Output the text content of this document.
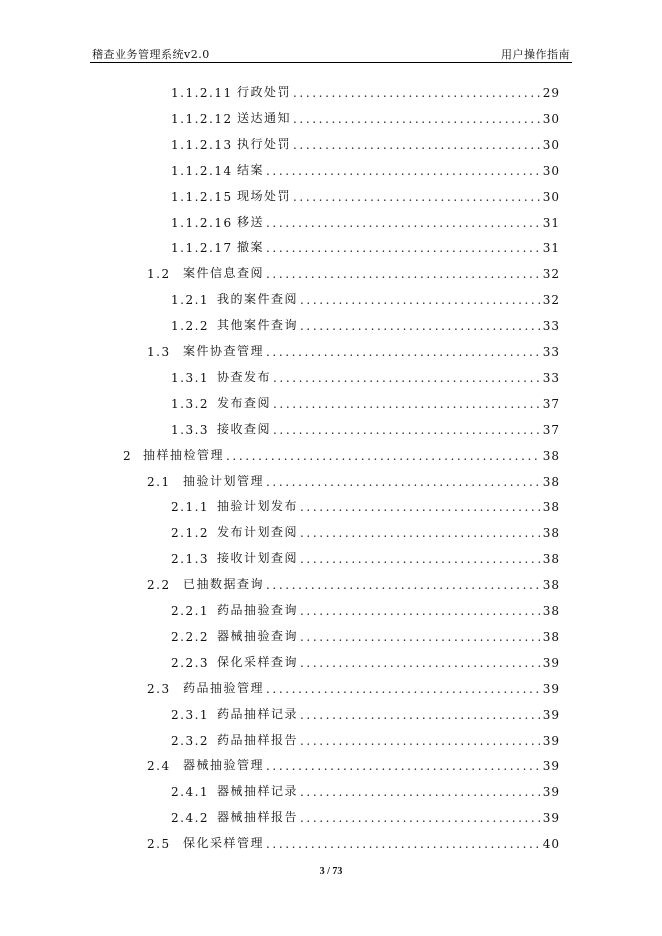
稽查业务管理系统v2.0	用户操作指南
1.1.2.11 行政处罚 .....	29
1.1.2.12 送达通知 .....	30
1.1.2.13 执行处罚 .....	30
1.1.2.14 结案 .....	30
1.1.2.15 现场处罚 .....	30
1.1.2.16 移送 .....	31
1.1.2.17 撤案 .....	31
1.2	案件信息查阅 .....	32
1.2.1 我的案件查阅 .....	32
1.2.2 其他案件查询 .....	33
1.3	案件协查管理 .....	33
1.3.1 协查发布 .....	33
1.3.2 发布查阅 .....	37
1.3.3 接收查阅 .....	37
2 抽样抽检管理 .....	38
2.1	抽验计划管理 .....	38
2.1.1 抽验计划发布 .....	38
2.1.2 发布计划查阅 .....	38
2.1.3 接收计划查阅 .....	38
2.2	已抽数据查询 .....	38
2.2.1 药品抽验查询 .....	38
2.2.2 器械抽验查询 .....	38
2.2.3 保化采样查询 .....	39
2.3	药品抽验管理 .....	39
2.3.1 药品抽样记录 .....	39
2.3.2 药品抽样报告 .....	39
2.4	器械抽验管理 .....	39
2.4.1 器械抽样记录 .....	39
2.4.2 器械抽样报告 .....	39
2.5	保化采样管理 .....	40
3 / 73
